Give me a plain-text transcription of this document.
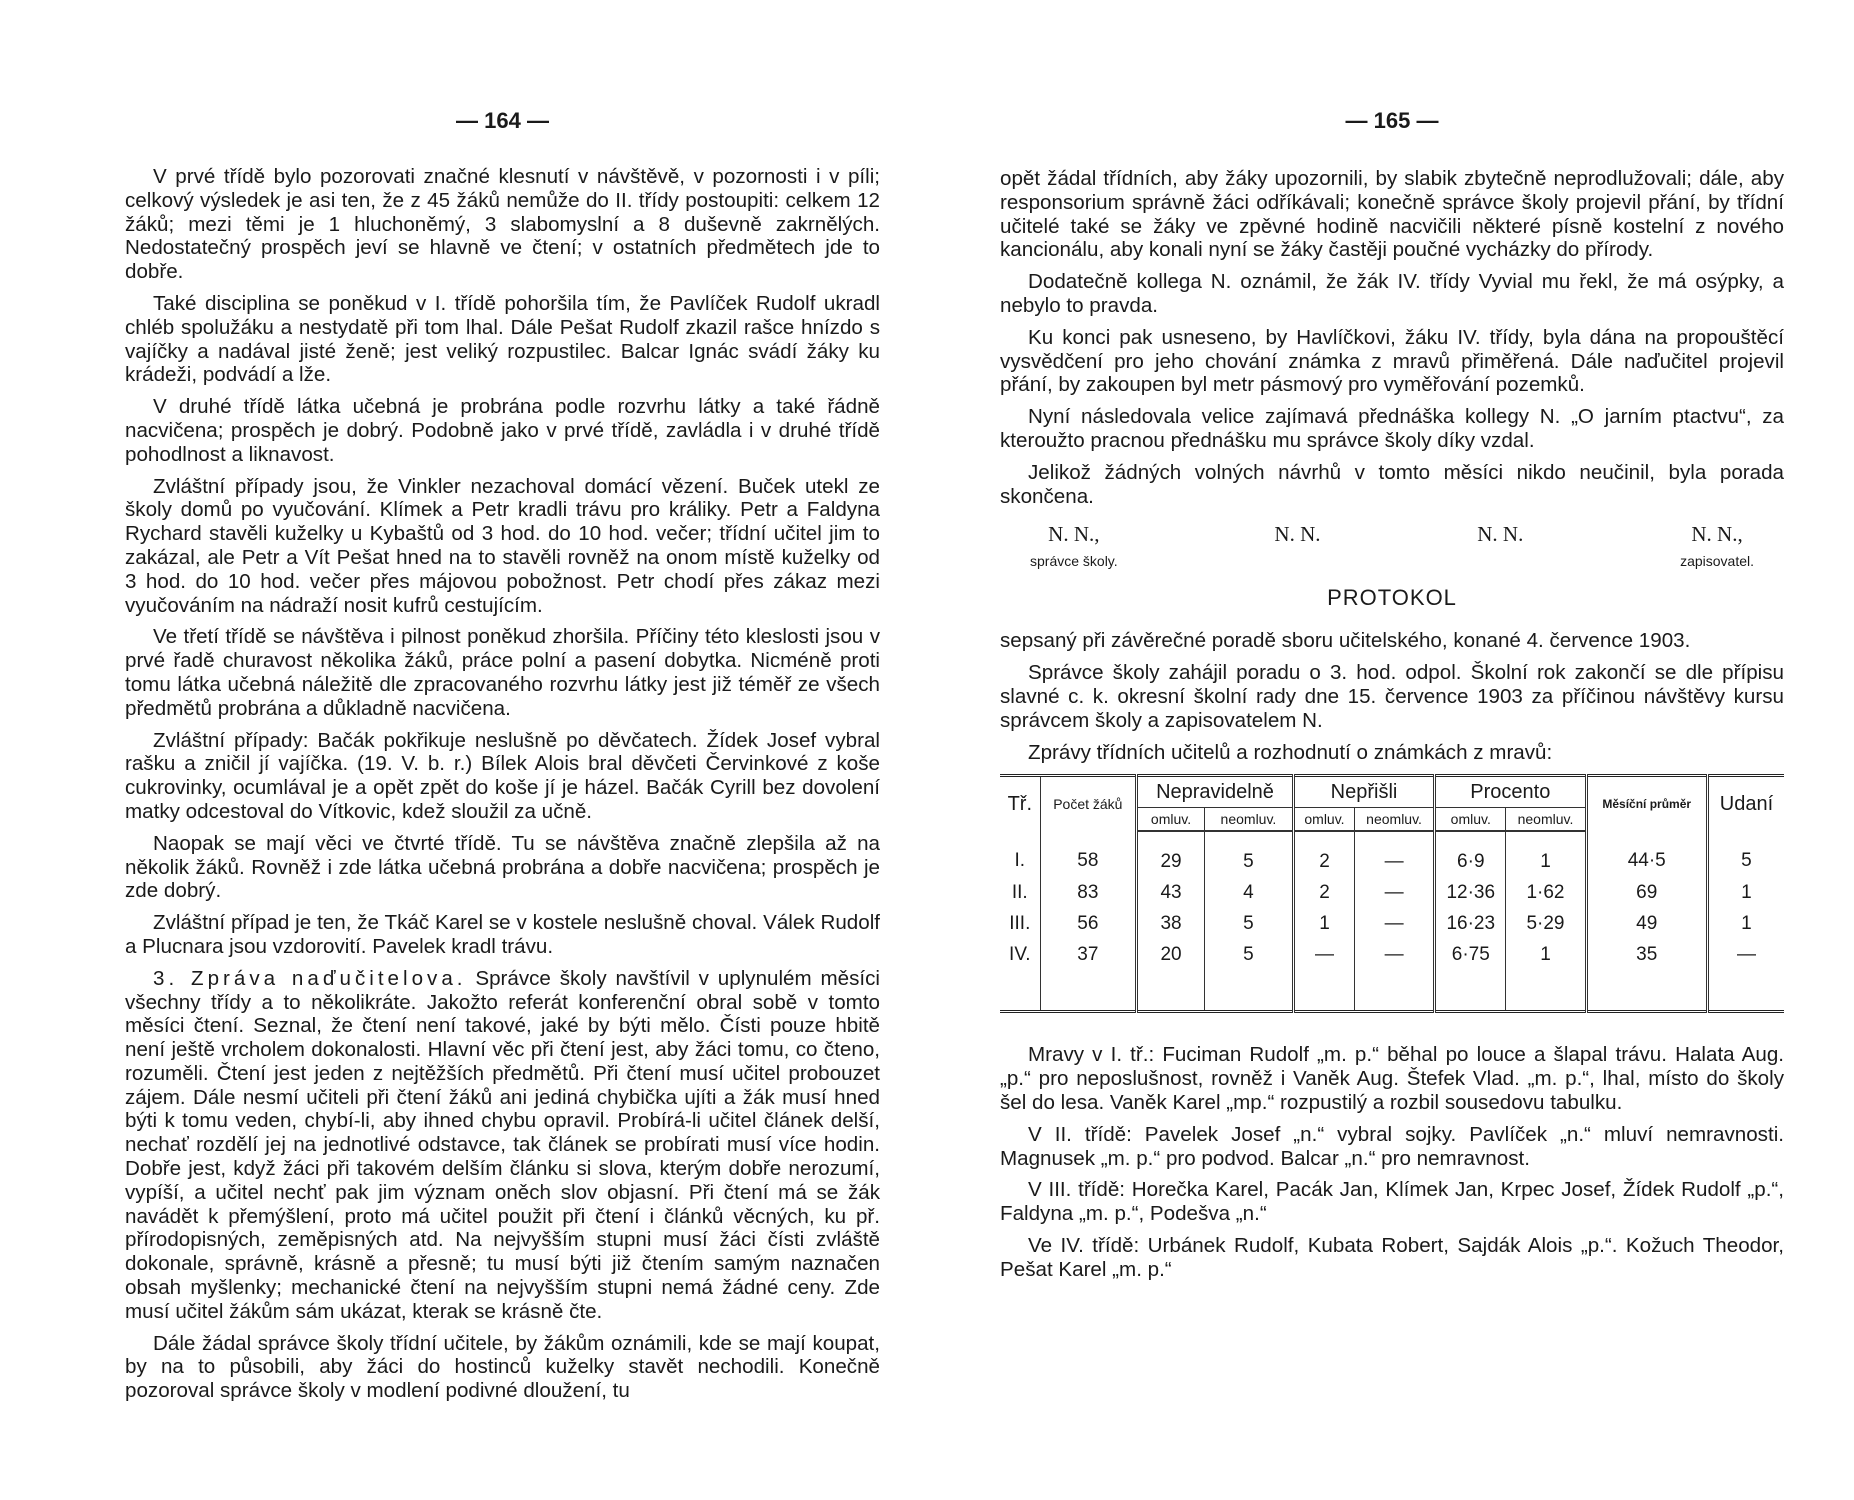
— 164 —

V prvé třídě bylo pozorovati značné klesnutí v návštěvě, v pozornosti i v píli; celkový výsledek je asi ten, že z 45 žáků nemůže do II. třídy postoupiti: celkem 12 žáků; mezi těmi je 1 hluchoněmý, 3 slabomyslní a 8 duševně zakrnělých. Nedostatečný prospěch jeví se hlavně ve čtení; v ostatních předmětech jde to dobře.

Také disciplina se poněkud v I. třídě pohoršila tím, že Pavlíček Rudolf ukradl chléb spolužáku a nestydatě při tom lhal. Dále Pešat Rudolf zkazil rašce hnízdo s vajíčky a nadával jisté ženě; jest veliký rozpustilec. Balcar Ignác svádí žáky ku krádeži, podvádí a lže.

V druhé třídě látka učebná je probrána podle rozvrhu látky a také řádně nacvičena; prospěch je dobrý. Podobně jako v prvé třídě, zavládla i v druhé třídě pohodlnost a liknavost.

Zvláštní případy jsou, že Vinkler nezachoval domácí vězení. Buček utekl ze školy domů po vyučování. Klímek a Petr kradli trávu pro králiky. Petr a Faldyna Rychard stavěli kuželky u Kybaštů od 3 hod. do 10 hod. večer; třídní učitel jim to zakázal, ale Petr a Vít Pešat hned na to stavěli rovněž na onom místě kuželky od 3 hod. do 10 hod. večer přes májovou pobožnost. Petr chodí přes zákaz mezi vyučováním na nádraží nosit kufrů cestujícím.

Ve třetí třídě se návštěva i pilnost poněkud zhoršila. Příčiny této kleslosti jsou v prvé řadě churavost několika žáků, práce polní a pasení dobytka. Nicméně proti tomu látka učebná náležitě dle zpracovaného rozvrhu látky jest již téměř ze všech předmětů probrána a důkladně nacvičena.

Zvláštní případy: Bačák pokřikuje neslušně po děvčatech. Žídek Josef vybral rašku a zničil jí vajíčka. (19. V. b. r.) Bílek Alois bral děvčeti Červinkové z koše cukrovinky, ocumlával je a opět zpět do koše jí je házel. Bačák Cyrill bez dovolení matky odcestoval do Vítkovic, kdež sloužil za učně.

Naopak se mají věci ve čtvrté třídě. Tu se návštěva značně zlepšila až na několik žáků. Rovněž i zde látka učebná probrána a dobře nacvičena; prospěch je zde dobrý.

Zvláštní případ je ten, že Tkáč Karel se v kostele neslušně choval. Válek Rudolf a Plucnara jsou vzdorovití. Pavelek kradl trávu.

3. Zpráva naďučitelova. Správce školy navštívil v uplynulém měsíci všechny třídy a to několikráte. Jakožto referát konferenční obral sobě v tomto měsíci čtení. Seznal, že čtení není takové, jaké by býti mělo. Čísti pouze hbitě není ještě vrcholem dokonalosti. Hlavní věc při čtení jest, aby žáci tomu, co čteno, rozuměli. Čtení jest jeden z nejtěžších předmětů. Při čtení musí učitel probouzet zájem. Dále nesmí učiteli při čtení žáků ani jediná chybička ujíti a žák musí hned býti k tomu veden, chybí-li, aby ihned chybu opravil. Probírá-li učitel článek delší, nechať rozdělí jej na jednotlivé odstavce, tak článek se probírati musí více hodin. Dobře jest, když žáci při takovém delším článku si slova, kterým dobře nerozumí, vypíší, a učitel nechť pak jim význam oněch slov objasní. Při čtení má se žák navádět k přemýšlení, proto má učitel použit při čtení i článků věcných, ku př. přírodopisných, zeměpisných atd. Na nejvyšším stupni musí žáci čísti zvláště dokonale, správně, krásně a přesně; tu musí býti již čtením samým naznačen obsah myšlenky; mechanické čtení na nejvyšším stupni nemá žádné ceny. Zde musí učitel žákům sám ukázat, kterak se krásně čte.

Dále žádal správce školy třídní učitele, by žákům oznámili, kde se mají koupat, by na to působili, aby žáci do hostinců kuželky stavět nechodili. Konečně pozoroval správce školy v modlení podivné dloužení, tu

— 165 —

opět žádal třídních, aby žáky upozornili, by slabik zbytečně neprodlužovali; dále, aby responsorium správně žáci odříkávali; konečně správce školy projevil přání, by třídní učitelé také se žáky ve zpěvné hodině nacvičili některé písně kostelní z nového kancionálu, aby konali nyní se žáky častěji poučné vycházky do přírody.

Dodatečně kollega N. oznámil, že žák IV. třídy Vyvial mu řekl, že má osýpky, a nebylo to pravda.

Ku konci pak usneseno, by Havlíčkovi, žáku IV. třídy, byla dána na propouštěcí vysvědčení pro jeho chování známka z mravů přiměřená. Dále naďučitel projevil přání, by zakoupen byl metr pásmový pro vyměřování pozemků.

Nyní následovala velice zajímavá přednáška kollegy N. „O jarním ptactvu“, za kteroužto pracnou přednášku mu správce školy díky vzdal.

Jelikož žádných volných návrhů v tomto měsíci nikdo neučinil, byla porada skončena.

N. N.,
správce školy.
N. N.	N. N.	N. N.,
zapisovatel.
PROTOKOL

sepsaný při závěrečné poradě sboru učitelského, konané 4. července 1903.

Správce školy zahájil poradu o 3. hod. odpol. Školní rok zakončí se dle přípisu slavné c. k. okresní školní rady dne 15. července 1903 za příčinou návštěvy kursu správcem školy a zapisovatelem N.

Zprávy třídních učitelů a rozhodnutí o známkách z mravů:

Tř.	Počet žáků	Nepravidelně		Nepřišli		Procento		Měsíční průměr	Udaní
		omluv.	neomluv.	omluv.	neomluv.	omluv.	neomluv.		
I.	58	29	5	2	—	6·9	1	44·5	5
II.	83	43	4	2	—	12·36	1·62	69	1
III.	56	38	5	1	—	16·23	5·29	49	1
IV.	37	20	5	—	—	6·75	1	35	—

Mravy v I. tř.: Fuciman Rudolf „m. p.“ běhal po louce a šlapal trávu. Halata Aug. „p.“ pro neposlušnost, rovněž i Vaněk Aug. Štefek Vlad. „m. p.“, lhal, místo do školy šel do lesa. Vaněk Karel „mp.“ rozpustilý a rozbil sousedovu tabulku.

V II. třídě: Pavelek Josef „n.“ vybral sojky. Pavlíček „n.“ mluví nemravnosti. Magnusek „m. p.“ pro podvod. Balcar „n.“ pro nemravnost.

V III. třídě: Horečka Karel, Pacák Jan, Klímek Jan, Krpec Josef, Žídek Rudolf „p.“, Faldyna „m. p.“, Podešva „n.“

Ve IV. třídě: Urbánek Rudolf, Kubata Robert, Sajdák Alois „p.“. Kožuch Theodor, Pešat Karel „m. p.“
